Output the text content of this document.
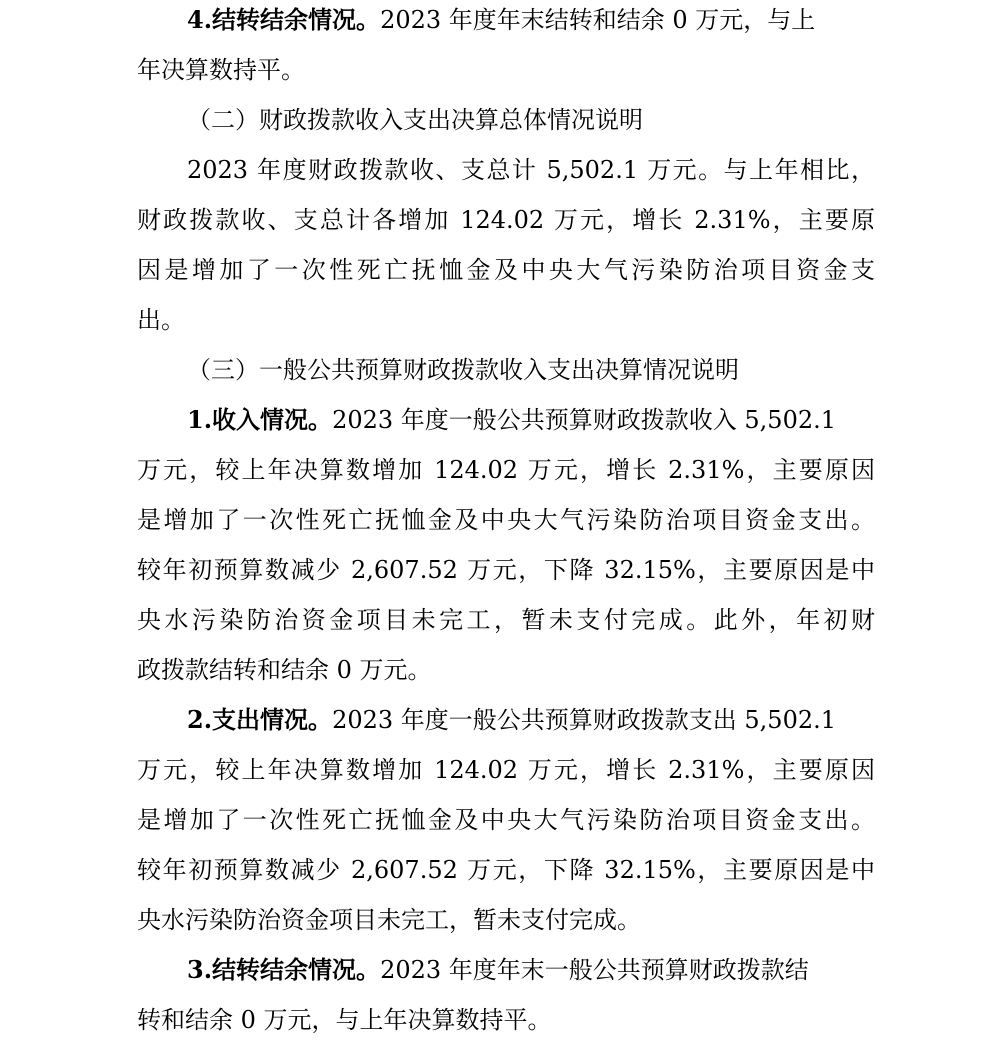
4.结转结余情况。2023 年度年末结转和结余 0 万元，与上
年决算数持平。
（二）财政拨款收入支出决算总体情况说明
2023 年度财政拨款收、支总计 5,502.1 万元。与上年相比，
财政拨款收、支总计各增加 124.02 万元，增长 2.31%，主要原
因是增加了一次性死亡抚恤金及中央大气污染防治项目资金支
出。
（三）一般公共预算财政拨款收入支出决算情况说明
1.收入情况。2023 年度一般公共预算财政拨款收入 5,502.1
万元，较上年决算数增加 124.02 万元，增长 2.31%，主要原因
是增加了一次性死亡抚恤金及中央大气污染防治项目资金支出。
较年初预算数减少 2,607.52 万元，下降 32.15%，主要原因是中
央水污染防治资金项目未完工，暂未支付完成。此外，年初财
政拨款结转和结余 0 万元。
2.支出情况。2023 年度一般公共预算财政拨款支出 5,502.1
万元，较上年决算数增加 124.02 万元，增长 2.31%，主要原因
是增加了一次性死亡抚恤金及中央大气污染防治项目资金支出。
较年初预算数减少 2,607.52 万元，下降 32.15%，主要原因是中
央水污染防治资金项目未完工，暂未支付完成。
3.结转结余情况。2023 年度年末一般公共预算财政拨款结
转和结余 0 万元，与上年决算数持平。
